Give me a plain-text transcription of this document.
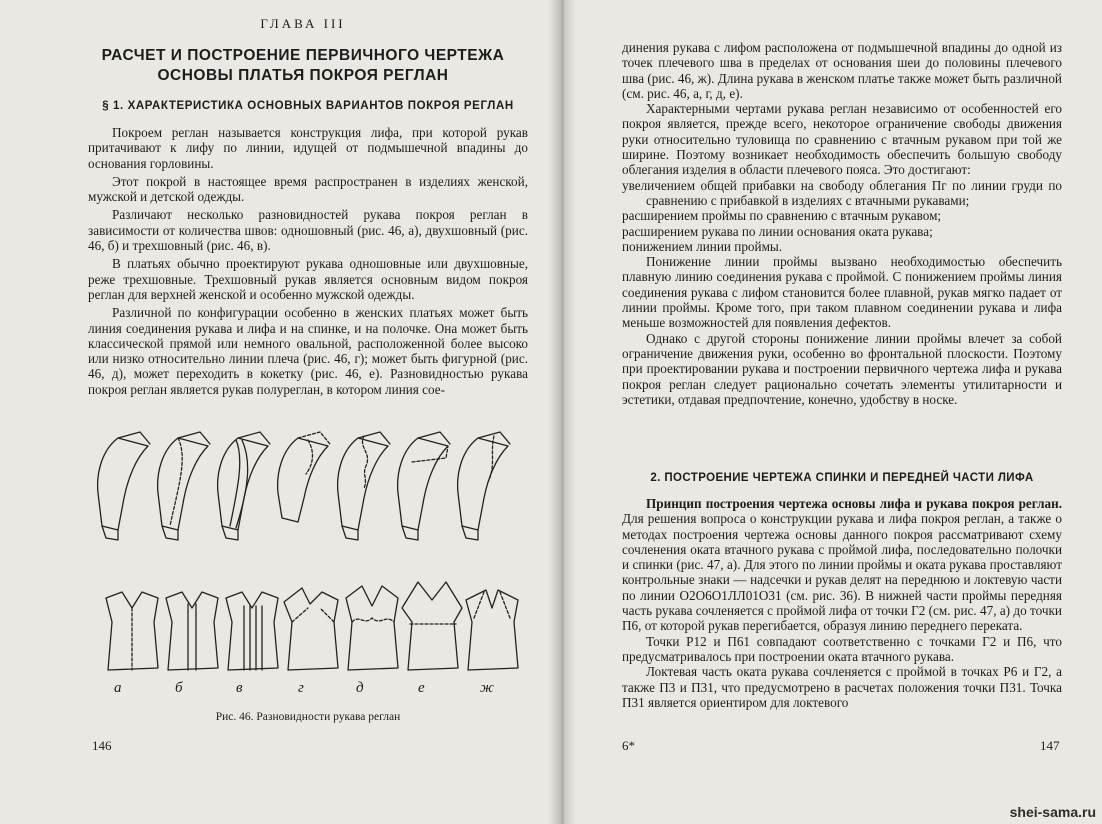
ГЛАВА III
РАСЧЕТ И ПОСТРОЕНИЕ ПЕРВИЧНОГО ЧЕРТЕЖА
ОСНОВЫ ПЛАТЬЯ ПОКРОЯ РЕГЛАН
§ 1. ХАРАКТЕРИСТИКА ОСНОВНЫХ ВАРИАНТОВ ПОКРОЯ РЕГЛАН

Покроем реглан называется конструкция лифа, при которой рукав притачивают к лифу по линии, идущей от подмышечной впадины до основания горловины.

Этот покрой в настоящее время распространен в изделиях женской, мужской и детской одежды.

Различают несколько разновидностей рукава покроя реглан в зависимости от количества швов: одношовный (рис. 46, а), двухшовный (рис. 46, б) и трехшовный (рис. 46, в).

В платьях обычно проектируют рукава одношовные или двухшовные, реже трехшовные. Трехшовный рукав является основным видом покроя реглан для верхней женской и особенно мужской одежды.

Различной по конфигурации особенно в женских платьях может быть линия соединения рукава и лифа и на спинке, и на полочке. Она может быть классической прямой или немного овальной, расположенной более высоко или низко относительно линии плеча (рис. 46, г); может быть фигурной (рис. 46, д), может переходить в кокетку (рис. 46, е). Разновидностью рукава покроя реглан является рукав полуреглан, в котором линия сое-

а	б	в	г	д	е	ж
Рис. 46. Разновидности рукава реглан
146

динения рукава с лифом расположена от подмышечной впадины до одной из точек плечевого шва в пределах от основания шеи до половины плечевого шва (рис. 46, ж). Длина рукава в женском платье также может быть различной (см. рис. 46, а, г, д, е).

Характерными чертами рукава реглан независимо от особенностей его покроя является, прежде всего, некоторое ограничение свободы движения руки относительно туловища по сравнению с втачным рукавом при той же ширине. Поэтому возникает необходимость обеспечить большую свободу облегания изделия в области плечевого пояса. Это достигают:

увеличением общей прибавки на свободу облегания Пг по линии груди по сравнению с прибавкой в изделиях с втачными рукавами;

расширением проймы по сравнению с втачным рукавом;

расширением рукава по линии основания оката рукава;

понижением линии проймы.

Понижение линии проймы вызвано необходимостью обеспечить плавную линию соединения рукава с проймой. С понижением проймы линия соединения рукава с лифом становится более плавной, рукав мягко падает от линии проймы. Кроме того, при таком плавном соединении рукава и лифа меньше возможностей для появления дефектов.

Однако с другой стороны понижение линии проймы влечет за собой ограничение движения руки, особенно во фронтальной плоскости. Поэтому при проектировании рукава и построении первичного чертежа лифа и рукава покроя реглан следует рационально сочетать элементы утилитарности и эстетики, отдавая предпочтение, конечно, удобству в носке.

2. ПОСТРОЕНИЕ ЧЕРТЕЖА СПИНКИ И ПЕРЕДНЕЙ ЧАСТИ ЛИФА

Принцип построения чертежа основы лифа и рукава покроя реглан. Для решения вопроса о конструкции рукава и лифа покроя реглан, а также о методах построения чертежа основы данного покроя рассматривают схему сочленения оката втачного рукава с проймой лифа, последовательно полочки и спинки (рис. 47, а). Для этого по линии проймы и оката рукава проставляют контрольные знаки — надсечки и рукав делят на переднюю и локтевую части по линии О2О6О1ЛЛ01О31 (см. рис. 36). В нижней части проймы передняя часть рукава сочленяется с проймой лифа от точки Г2 (см. рис. 47, а) до точки П6, от которой рукав перегибается, образуя линию переднего переката.

Точки Р12 и П61 совпадают соответственно с точками Г2 и П6, что предусматривалось при построении оката втачного рукава.

Локтевая часть оката рукава сочленяется с проймой в точках Р6 и Г2, а также П3 и П31, что предусмотрено в расчетах положения точки П31. Точка П31 является ориентиром для локтевого

6*	147
shei-sama.ru
